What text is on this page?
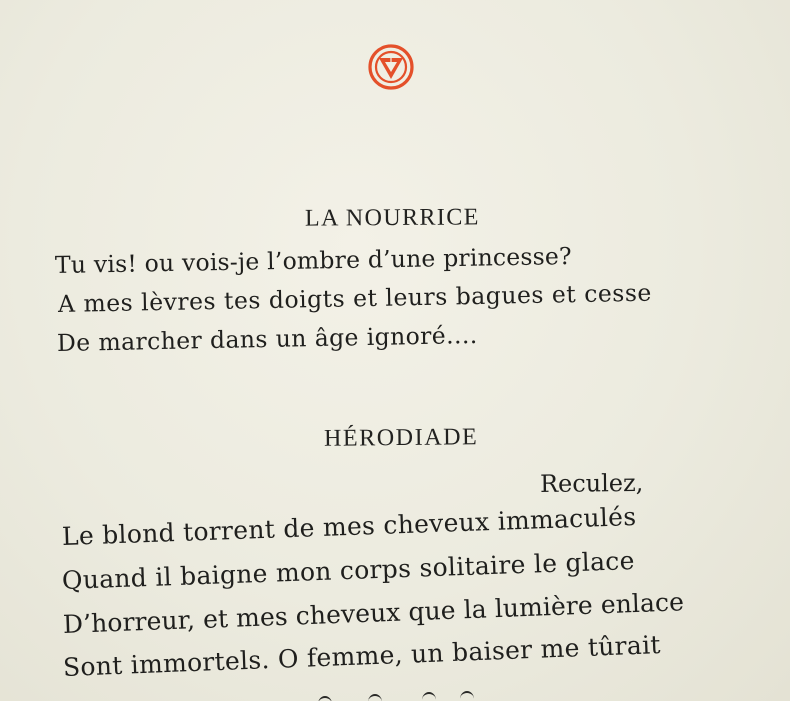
LA NOURRICE
Tu vis! ou vois-je l’ombre d’une princesse?
A mes lèvres tes doigts et leurs bagues et cesse
De marcher dans un âge ignoré....
HÉRODIADE
Reculez,
Le blond torrent de mes cheveux immaculés
Quand il baigne mon corps solitaire le glace
D’horreur, et mes cheveux que la lumière enlace
Sont immortels. O femme, un baiser me tûrait
